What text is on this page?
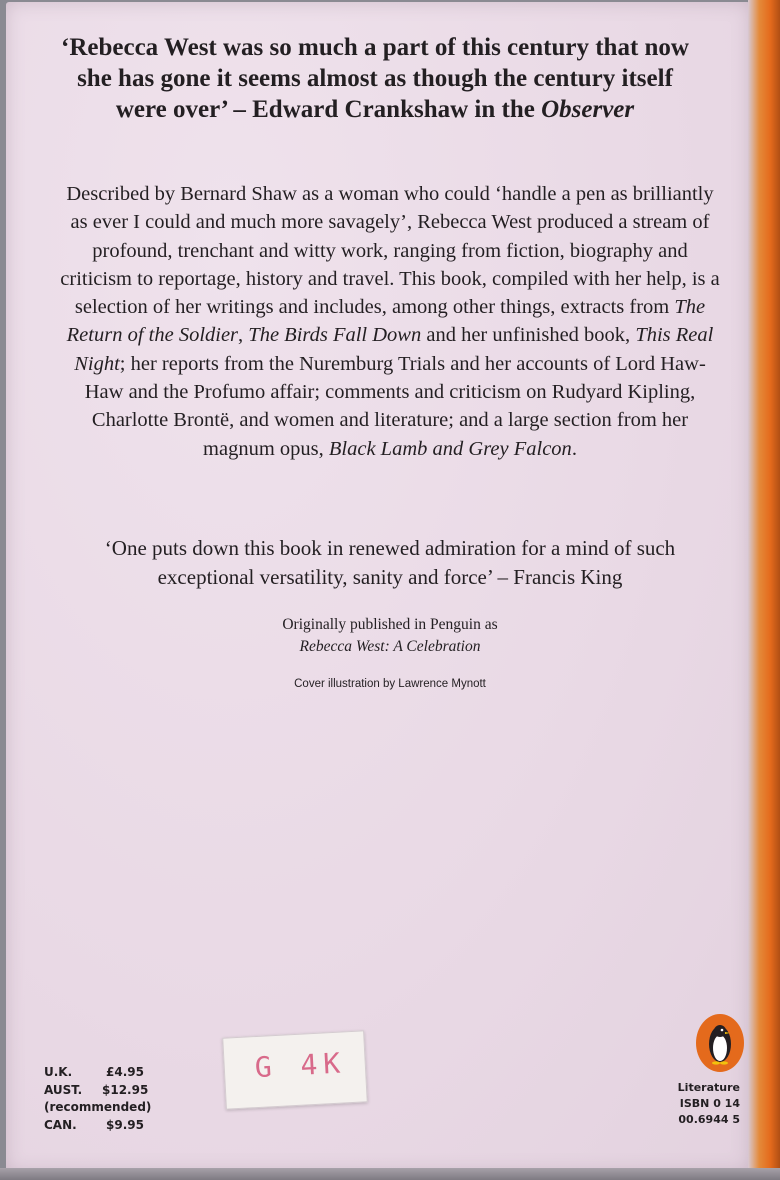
‘Rebecca West was so much a part of this century that now she has gone it seems almost as though the century itself were over’ – Edward Crankshaw in the Observer
Described by Bernard Shaw as a woman who could ‘handle a pen as brilliantly as ever I could and much more savagely’, Rebecca West produced a stream of profound, trenchant and witty work, ranging from fiction, biography and criticism to reportage, history and travel. This book, compiled with her help, is a selection of her writings and includes, among other things, extracts from The Return of the Soldier, The Birds Fall Down and her unfinished book, This Real Night; her reports from the Nuremburg Trials and her accounts of Lord Haw-Haw and the Profumo affair; comments and criticism on Rudyard Kipling, Charlotte Brontë, and women and literature; and a large section from her magnum opus, Black Lamb and Grey Falcon.
‘One puts down this book in renewed admiration for a mind of such exceptional versatility, sanity and force’ – Francis King
Originally published in Penguin as
Rebecca West: A Celebration
Cover illustration by Lawrence Mynott
U.K.	£4.95
AUST.	$12.95
(recommended)
CAN.	$9.95
G 4K
Literature
ISBN 0 14
00.6944 5
